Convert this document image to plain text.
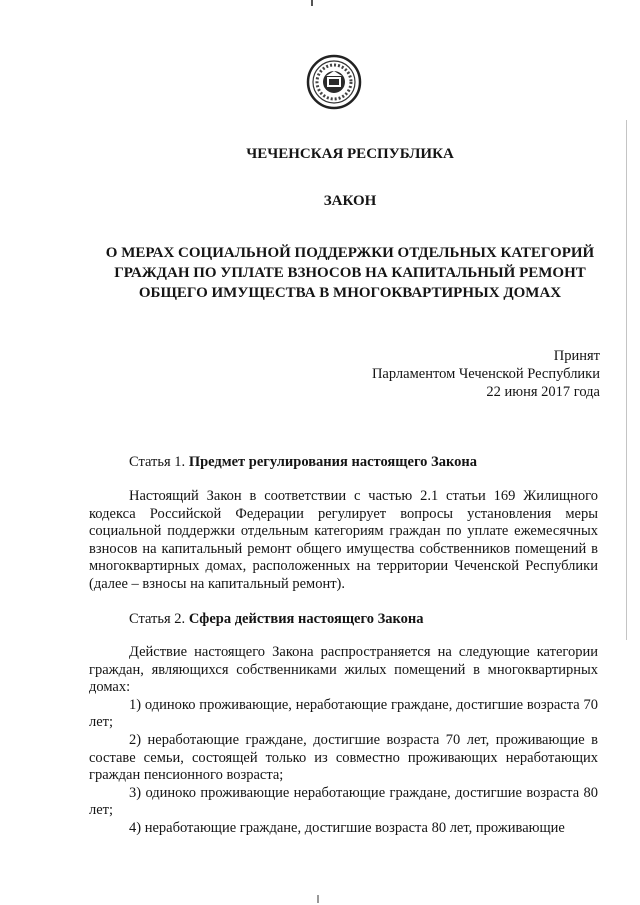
ЧЕЧЕНСКАЯ РЕСПУБЛИКА
ЗАКОН
О МЕРАХ СОЦИАЛЬНОЙ ПОДДЕРЖКИ ОТДЕЛЬНЫХ КАТЕГОРИЙ
ГРАЖДАН ПО УПЛАТЕ ВЗНОСОВ НА КАПИТАЛЬНЫЙ РЕМОНТ
ОБЩЕГО ИМУЩЕСТВА В МНОГОКВАРТИРНЫХ ДОМАХ
Принят
Парламентом Чеченской Республики
22 июня 2017 года
Статья 1. Предмет регулирования настоящего Закона

Настоящий Закон в соответствии с частью 2.1 статьи 169 Жилищного кодекса Российской Федерации регулирует вопросы установления меры социальной поддержки отдельным категориям граждан по уплате ежемесячных взносов на капитальный ремонт общего имущества собственников помещений в многоквартирных домах, расположенных на территории Чеченской Республики (далее – взносы на капитальный ремонт).

Статья 2. Сфера действия настоящего Закона

Действие настоящего Закона распространяется на следующие категории граждан, являющихся собственниками жилых помещений в многоквартирных домах:

1) одиноко проживающие, неработающие граждане, достигшие возраста 70 лет;

2) неработающие граждане, достигшие возраста 70 лет, проживающие в составе семьи, состоящей только из совместно проживающих неработающих граждан пенсионного возраста;

3) одиноко проживающие неработающие граждане, достигшие возраста 80 лет;

4) неработающие граждане, достигшие возраста 80 лет, проживающие
